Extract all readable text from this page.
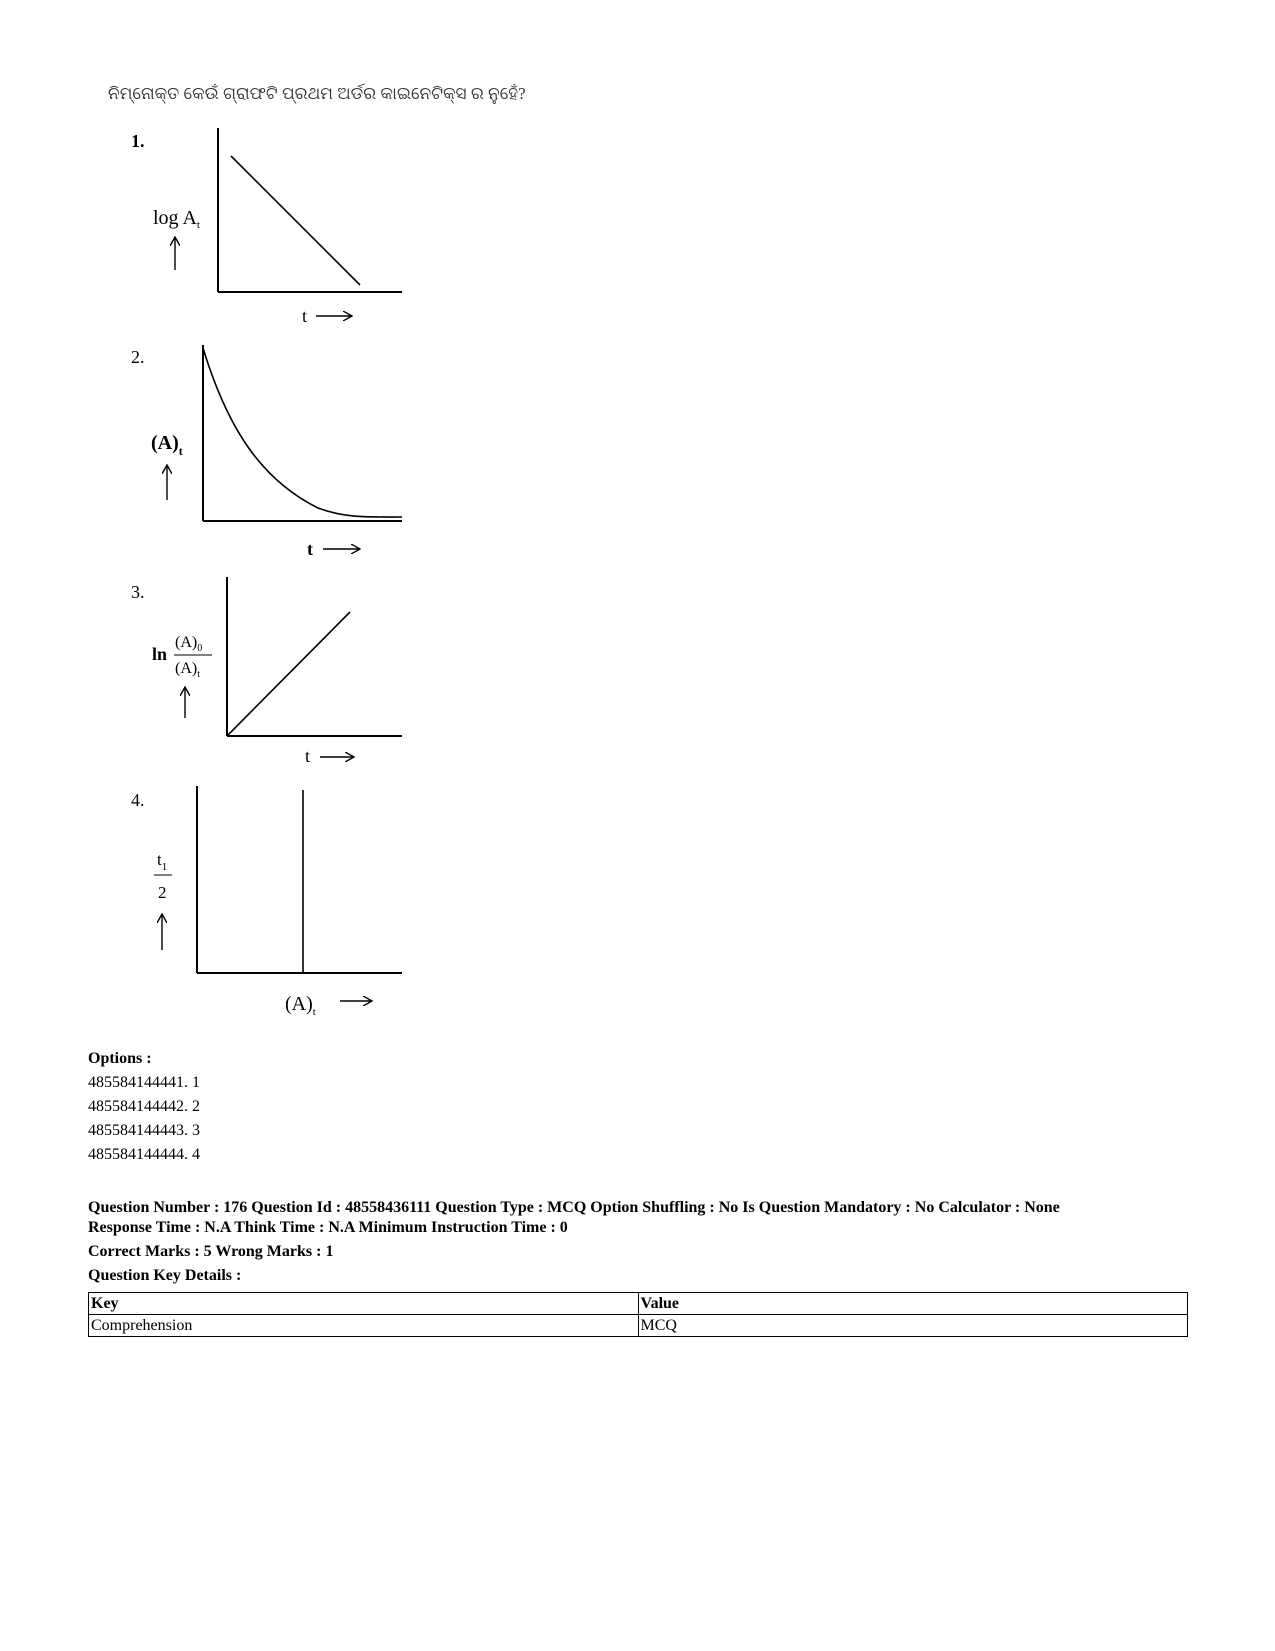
ନିମ୍ନୋକ୍ତ କେଉଁ ଗ୍ରାଫଟି ପ୍ରଥମ ଅର୍ଡର କାଇନେଟିକ୍ସ ର ନୁହେଁ?
1.
$\log A_t$
t
2.
$(A)_t$
t
3.
ln
$(A)_0$
$(A)_t$
t
4.
$t_1$
2
$(A)_t$
Options :
485584144441. 1
485584144442. 2
485584144443. 3
485584144444. 4
Question Number : 176 Question Id : 48558436111 Question Type : MCQ Option Shuffling : No Is Question Mandatory : No Calculator : None
Response Time : N.A Think Time : N.A Minimum Instruction Time : 0
Correct Marks : 5 Wrong Marks : 1
Question Key Details :
Key	Value
Comprehension	MCQ
